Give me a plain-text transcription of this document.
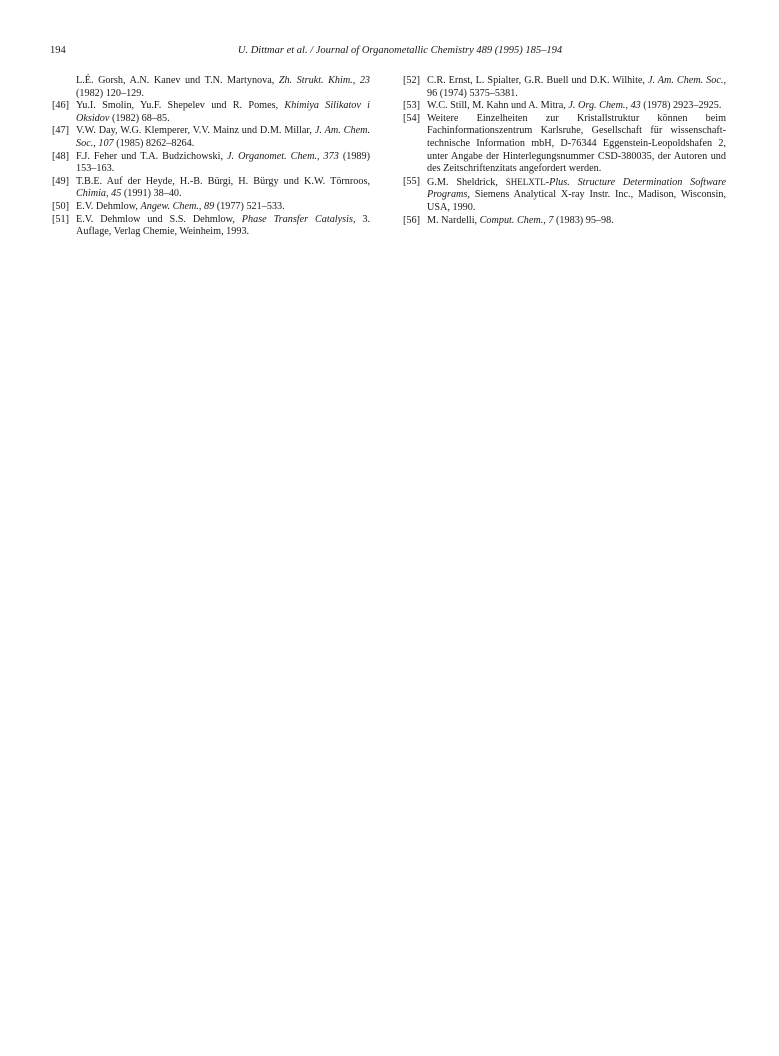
194	U. Dittmar et al. / Journal of Organometallic Chemistry 489 (1995) 185–194

L.É. Gorsh, A.N. Kanev und T.N. Martynova, Zh. Strukt. Khim., 23 (1982) 120–129.

[46] Yu.I. Smolin, Yu.F. Shepelev und R. Pomes, Khimiya Silikatov i Oksidov (1982) 68–85.

[47] V.W. Day, W.G. Klemperer, V.V. Mainz und D.M. Millar, J. Am. Chem. Soc., 107 (1985) 8262–8264.

[48] F.J. Feher und T.A. Budzichowski, J. Organomet. Chem., 373 (1989) 153–163.

[49] T.B.E. Auf der Heyde, H.-B. Bürgi, H. Bürgy und K.W. Törnroos, Chimia, 45 (1991) 38–40.

[50] E.V. Dehmlow, Angew. Chem., 89 (1977) 521–533.

[51] E.V. Dehmlow und S.S. Dehmlow, Phase Transfer Catalysis, 3. Auflage, Verlag Chemie, Weinheim, 1993.

[52] C.R. Ernst, L. Spialter, G.R. Buell und D.K. Wilhite, J. Am. Chem. Soc., 96 (1974) 5375–5381.

[53] W.C. Still, M. Kahn und A. Mitra, J. Org. Chem., 43 (1978) 2923–2925.

[54] Weitere Einzelheiten zur Kristallstruktur können beim Fachinformationszentrum Karlsruhe, Gesellschaft für wissenschaft-technische Information mbH, D-76344 Eggenstein-Leopoldshafen 2, unter Angabe der Hinterlegungsnummer CSD-380035, der Autoren und des Zeitschriftenzitats angefordert werden.

[55] G.M. Sheldrick, SHELXTL-Plus. Structure Determination Software Programs, Siemens Analytical X-ray Instr. Inc., Madison, Wisconsin, USA, 1990.

[56] M. Nardelli, Comput. Chem., 7 (1983) 95–98.
